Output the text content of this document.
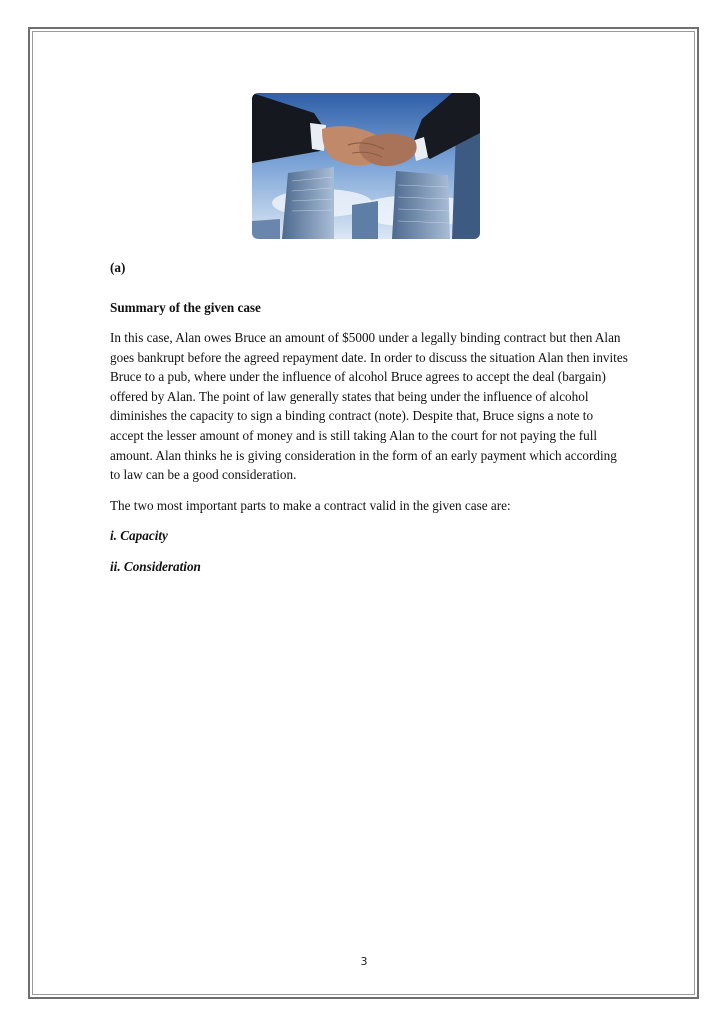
(a)

Summary of the given case

In this case, Alan owes Bruce an amount of $5000 under a legally binding contract but then Alan goes bankrupt before the agreed repayment date. In order to discuss the situation Alan then invites Bruce to a pub, where under the influence of alcohol Bruce agrees to accept the deal (bargain) offered by Alan. The point of law generally states that being under the influence of alcohol diminishes the capacity to sign a binding contract (note). Despite that, Bruce signs a note to accept the lesser amount of money and is still taking Alan to the court for not paying the full amount. Alan thinks he is giving consideration in the form of an early payment which according to law can be a good consideration.

The two most important parts to make a contract valid in the given case are:

i. Capacity

ii. Consideration

3
